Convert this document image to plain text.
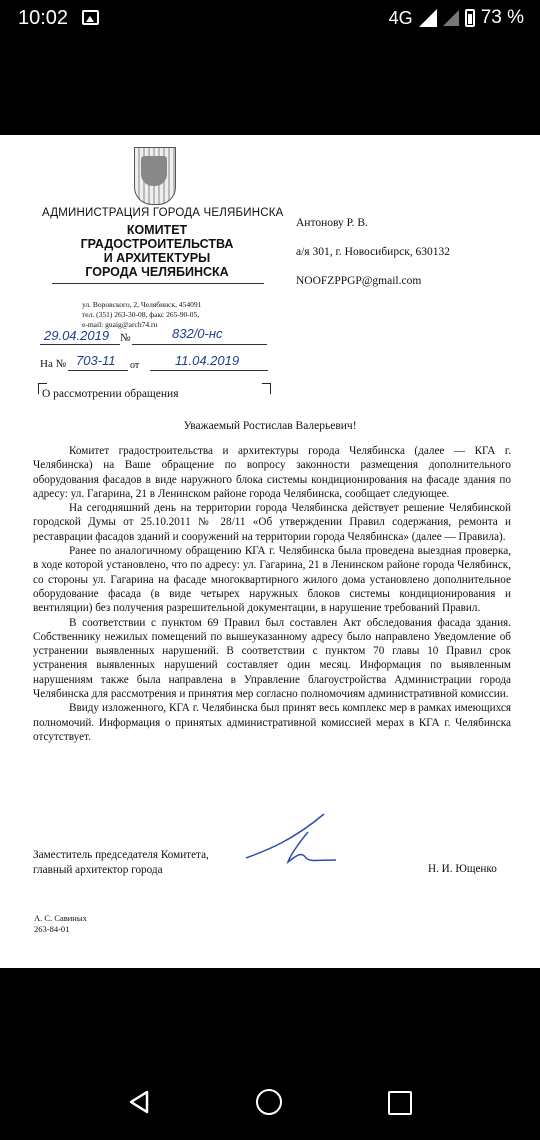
10:02	4G	73 %
АДМИНИСТРАЦИЯ ГОРОДА ЧЕЛЯБИНСКА
КОМИТЕТ
ГРАДОСТРОИТЕЛЬСТВА
И АРХИТЕКТУРЫ
ГОРОДА ЧЕЛЯБИНСКА
ул. Воровского, 2, Челябинск, 454091
тел. (351) 263-30-08, факс 265-90-05,
e-mail: guaig@arch74.ru
29.04.2019 №	832/0-нс
На № 703-11 от	11.04.2019
О рассмотрении обращения
Антонову Р. В.
а/я 301, г. Новосибирск, 630132
NOOFZPPGP@gmail.com
Уважаемый Ростислав Валерьевич!

Комитет градостроительства и архитектуры города Челябинска (далее — КГА г. Челябинска) на Ваше обращение по вопросу законности размещения дополнительного оборудования фасадов в виде наружного блока системы кондиционирования на фасаде здания по адресу: ул. Гагарина, 21 в Ленинском районе города Челябинска, сообщает следующее.

На сегодняшний день на территории города Челябинска действует решение Челябинской городской Думы от 25.10.2011 № 28/11 «Об утверждении Правил содержания, ремонта и реставрации фасадов зданий и сооружений на территории города Челябинска» (далее — Правила).

Ранее по аналогичному обращению КГА г. Челябинска была проведена выездная проверка, в ходе которой установлено, что по адресу: ул. Гагарина, 21 в Ленинском районе города Челябинск, со стороны ул. Гагарина на фасаде многоквартирного жилого дома установлено дополнительное оборудование фасада (в виде четырех наружных блоков системы кондиционирования и вентиляции) без получения разрешительной документации, в нарушение требований Правил.

В соответствии с пунктом 69 Правил был составлен Акт обследования фасада здания. Собственнику нежилых помещений по вышеуказанному адресу было направлено Уведомление об устранении выявленных нарушений. В соответствии с пунктом 70 главы 10 Правил срок устранения выявленных нарушений составляет один месяц. Информация по выявленным нарушениям также была направлена в Управление благоустройства Администрации города Челябинска для рассмотрения и принятия мер согласно полномочиям административной комиссии.

Ввиду изложенного, КГА г. Челябинска был принят весь комплекс мер в рамках имеющихся полномочий. Информация о принятых административной комиссией мерах в КГА г. Челябинска отсутствует.

Заместитель председателя Комитета,
главный архитектор города	Н. И. Ющенко
А. С. Савиных
263-84-01
